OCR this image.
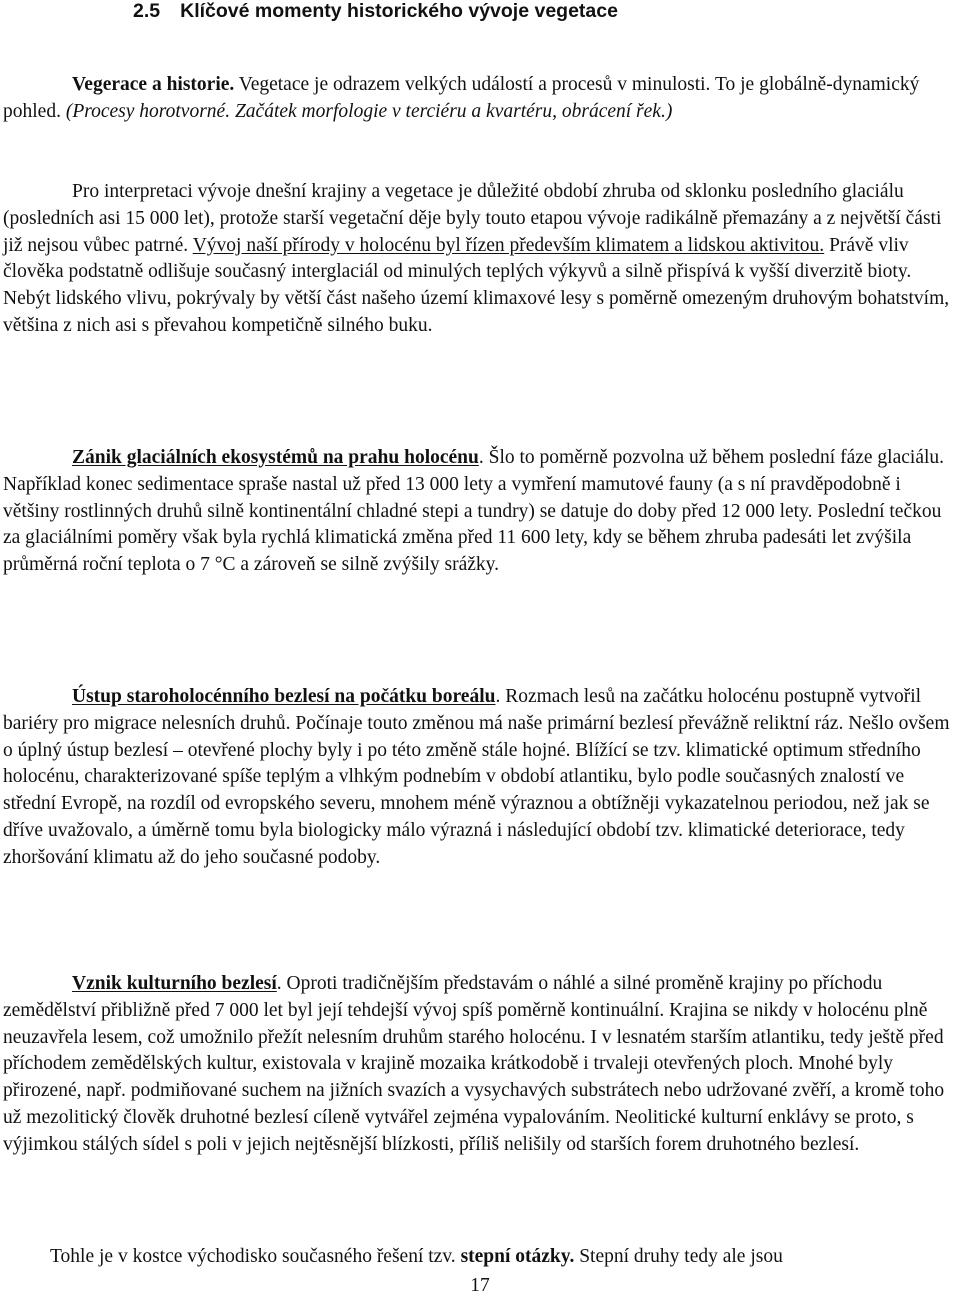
2.5 Klíčové momenty historického vývoje vegetace

Vegerace a historie. Vegetace je odrazem velkých událostí a procesů v minulosti. To je globálně-dynamický pohled. (Procesy horotvorné. Začátek morfologie v terciéru a kvartéru, obrácení řek.)

Pro interpretaci vývoje dnešní krajiny a vegetace je důležité období zhruba od sklonku posledního glaciálu (posledních asi 15 000 let), protože starší vegetační děje byly touto etapou vývoje radikálně přemazány a z největší části již nejsou vůbec patrné. Vývoj naší přírody v holocénu byl řízen především klimatem a lidskou aktivitou. Právě vliv člověka podstatně odlišuje současný interglaciál od minulých teplých výkyvů a silně přispívá k vyšší diverzitě bioty. Nebýt lidského vlivu, pokrývaly by větší část našeho území klimaxové lesy s poměrně omezeným druhovým bohatstvím, většina z nich asi s převahou kompetičně silného buku.

Zánik glaciálních ekosystémů na prahu holocénu. Šlo to poměrně pozvolna už během poslední fáze glaciálu. Například konec sedimentace spraše nastal už před 13 000 lety a vymření mamutové fauny (a s ní pravděpodobně i většiny rostlinných druhů silně kontinentální chladné stepi a tundry) se datuje do doby před 12 000 lety. Poslední tečkou za glaciálními poměry však byla rychlá klimatická změna před 11 600 lety, kdy se během zhruba padesáti let zvýšila průměrná roční teplota o 7 °C a zároveň se silně zvýšily srážky.

Ústup staroholocénního bezlesí na počátku boreálu. Rozmach lesů na začátku holocénu postupně vytvořil bariéry pro migrace nelesních druhů. Počínaje touto změnou má naše primární bezlesí převážně reliktní ráz. Nešlo ovšem o úplný ústup bezlesí – otevřené plochy byly i po této změně stále hojné. Blížící se tzv. klimatické optimum středního holocénu, charakterizované spíše teplým a vlhkým podnebím v období atlantiku, bylo podle současných znalostí ve střední Evropě, na rozdíl od evropského severu, mnohem méně výraznou a obtížněji vykazatelnou periodou, než jak se dříve uvažovalo, a úměrně tomu byla biologicky málo výrazná i následující období tzv. klimatické deteriorace, tedy zhoršování klimatu až do jeho současné podoby.

Vznik kulturního bezlesí. Oproti tradičnějším představám o náhlé a silné proměně krajiny po příchodu zemědělství přibližně před 7 000 let byl její tehdejší vývoj spíš poměrně kontinuální. Krajina se nikdy v holocénu plně neuzavřela lesem, což umožnilo přežít nelesním druhům starého holocénu. I v lesnatém starším atlantiku, tedy ještě před příchodem zemědělských kultur, existovala v krajině mozaika krátkodobě i trvaleji otevřených ploch. Mnohé byly přirozené, např. podmiňované suchem na jižních svazích a vysychavých substrátech nebo udržované zvěří, a kromě toho už mezolitický člověk druhotné bezlesí cíleně vytvářel zejména vypalováním. Neolitické kulturní enklávy se proto, s výjimkou stálých sídel s poli v jejich nejtěsnější blízkosti, příliš nelišily od starších forem druhotného bezlesí.

Tohle je v kostce východisko současného řešení tzv. stepní otázky. Stepní druhy tedy ale jsou

17
